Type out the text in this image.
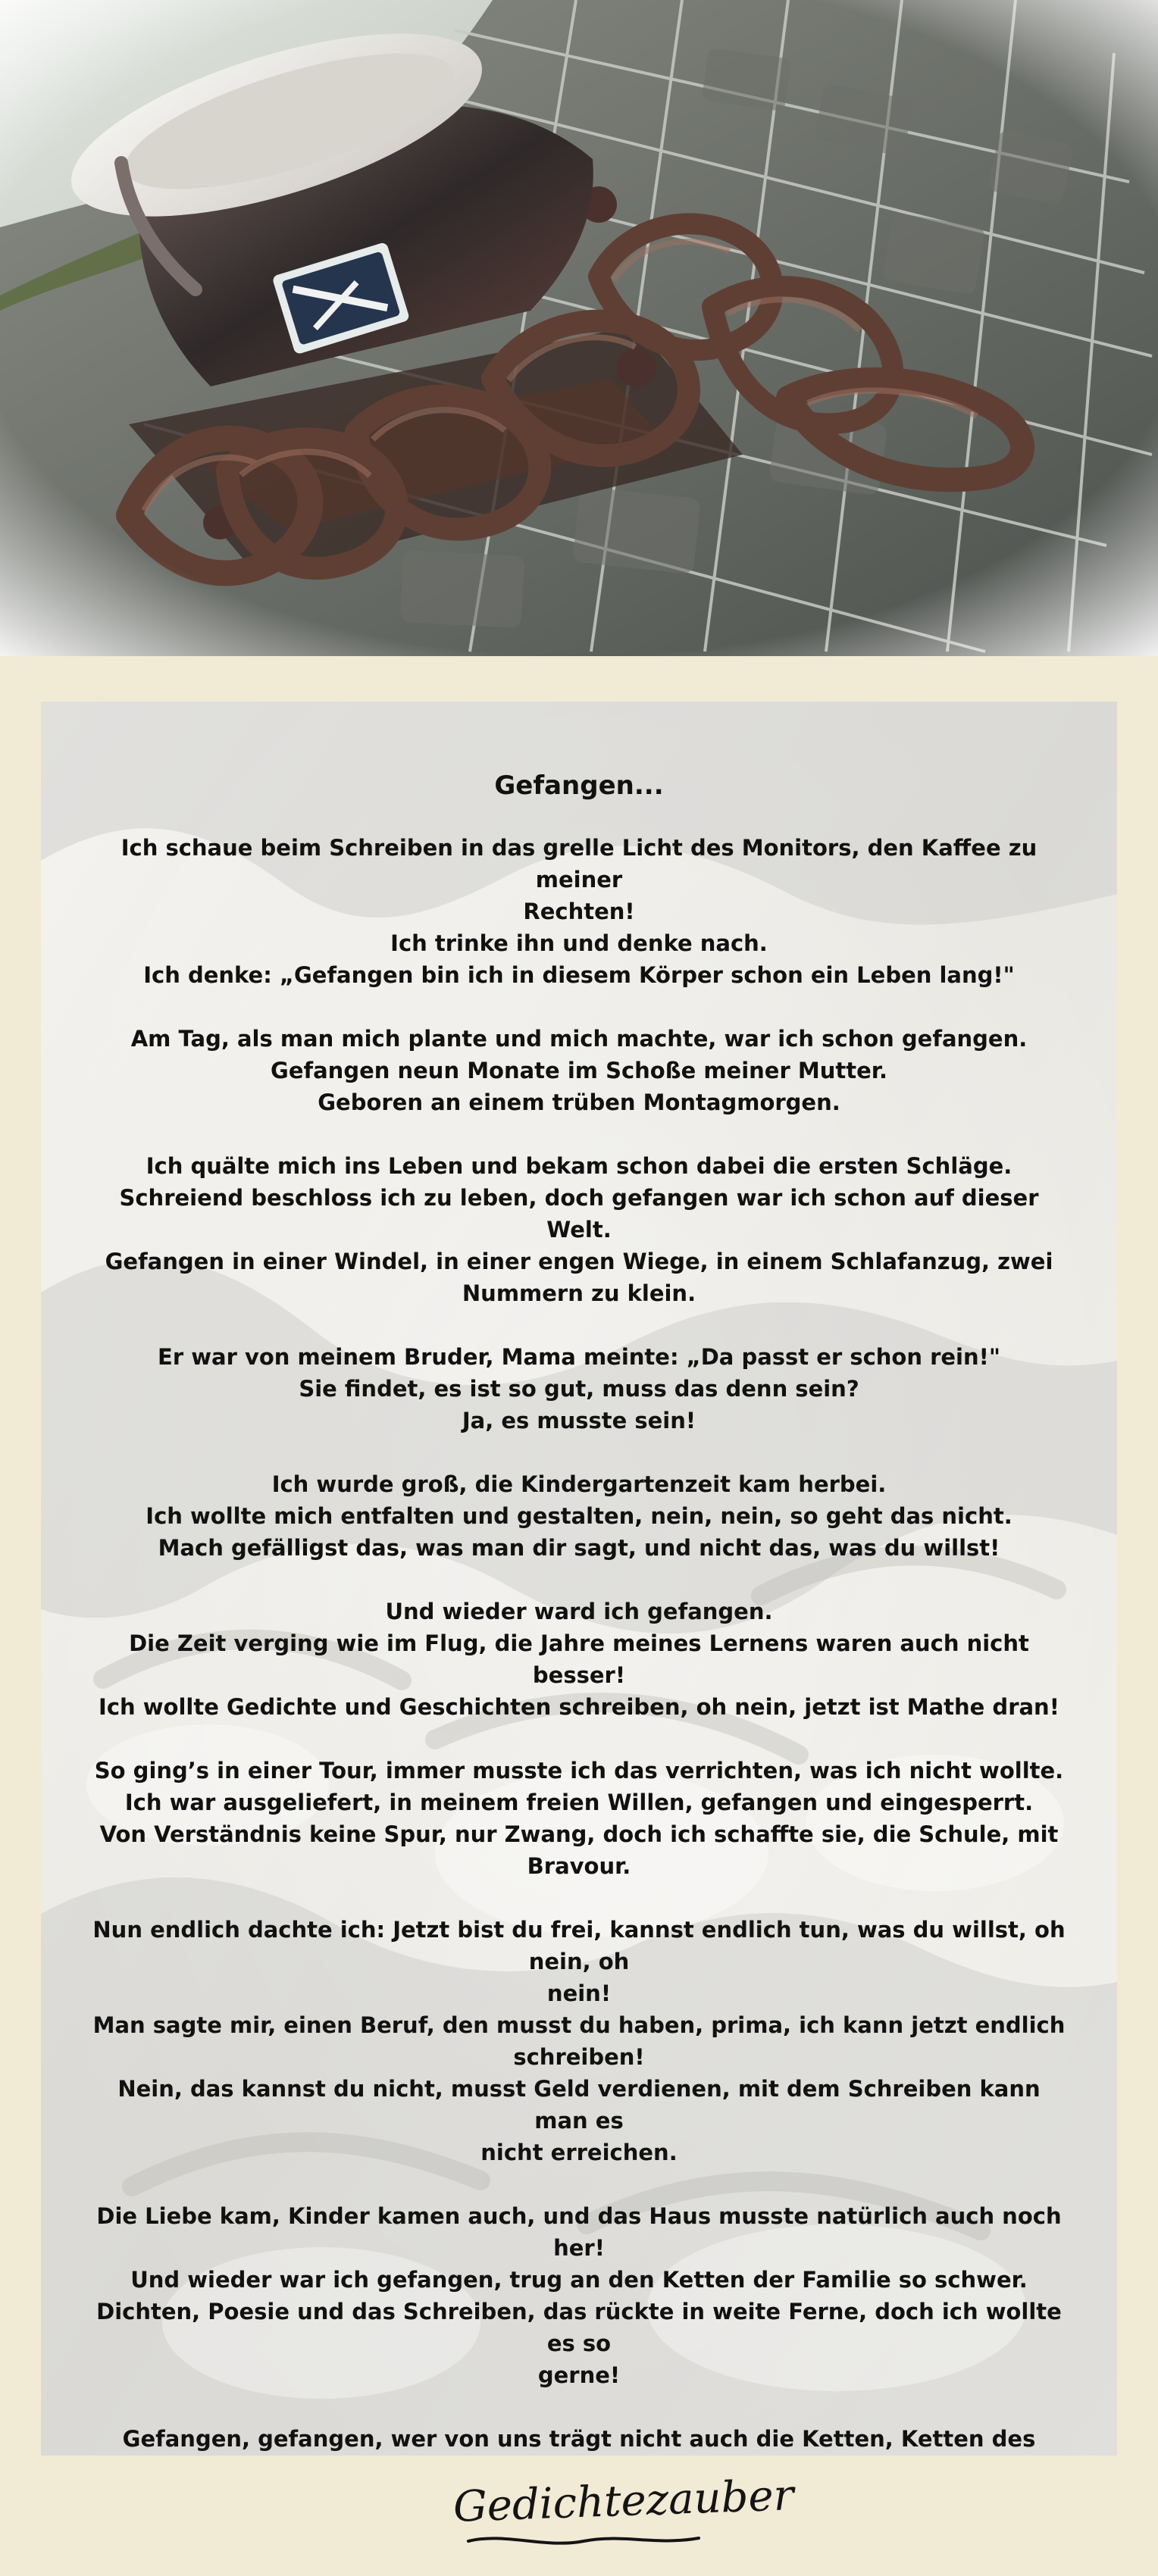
Gefangen...
Ich schaue beim Schreiben in das grelle Licht des Monitors, den Kaffee zu meiner
Rechten!
Ich trinke ihn und denke nach.
Ich denke: „Gefangen bin ich in diesem Körper schon ein Leben lang!"
Am Tag, als man mich plante und mich machte, war ich schon gefangen.
Gefangen neun Monate im Schoße meiner Mutter.
Geboren an einem trüben Montagmorgen.
Ich quälte mich ins Leben und bekam schon dabei die ersten Schläge.
Schreiend beschloss ich zu leben, doch gefangen war ich schon auf dieser Welt.
Gefangen in einer Windel, in einer engen Wiege, in einem Schlafanzug, zwei
Nummern zu klein.
Er war von meinem Bruder, Mama meinte: „Da passt er schon rein!"
Sie findet, es ist so gut, muss das denn sein?
Ja, es musste sein!
Ich wurde groß, die Kindergartenzeit kam herbei.
Ich wollte mich entfalten und gestalten, nein, nein, so geht das nicht.
Mach gefälligst das, was man dir sagt, und nicht das, was du willst!
Und wieder ward ich gefangen.
Die Zeit verging wie im Flug, die Jahre meines Lernens waren auch nicht besser!
Ich wollte Gedichte und Geschichten schreiben, oh nein, jetzt ist Mathe dran!
So ging’s in einer Tour, immer musste ich das verrichten, was ich nicht wollte.
Ich war ausgeliefert, in meinem freien Willen, gefangen und eingesperrt.
Von Verständnis keine Spur, nur Zwang, doch ich schaffte sie, die Schule, mit Bravour.
Nun endlich dachte ich: Jetzt bist du frei, kannst endlich tun, was du willst, oh nein, oh
nein!
Man sagte mir, einen Beruf, den musst du haben, prima, ich kann jetzt endlich
schreiben!
Nein, das kannst du nicht, musst Geld verdienen, mit dem Schreiben kann man es
nicht erreichen.
Die Liebe kam, Kinder kamen auch, und das Haus musste natürlich auch noch her!
Und wieder war ich gefangen, trug an den Ketten der Familie so schwer.
Dichten, Poesie und das Schreiben, das rückte in weite Ferne, doch ich wollte es so
gerne!
Gefangen, gefangen, wer von uns trägt nicht auch die Ketten, Ketten des
Gedichtezauber
